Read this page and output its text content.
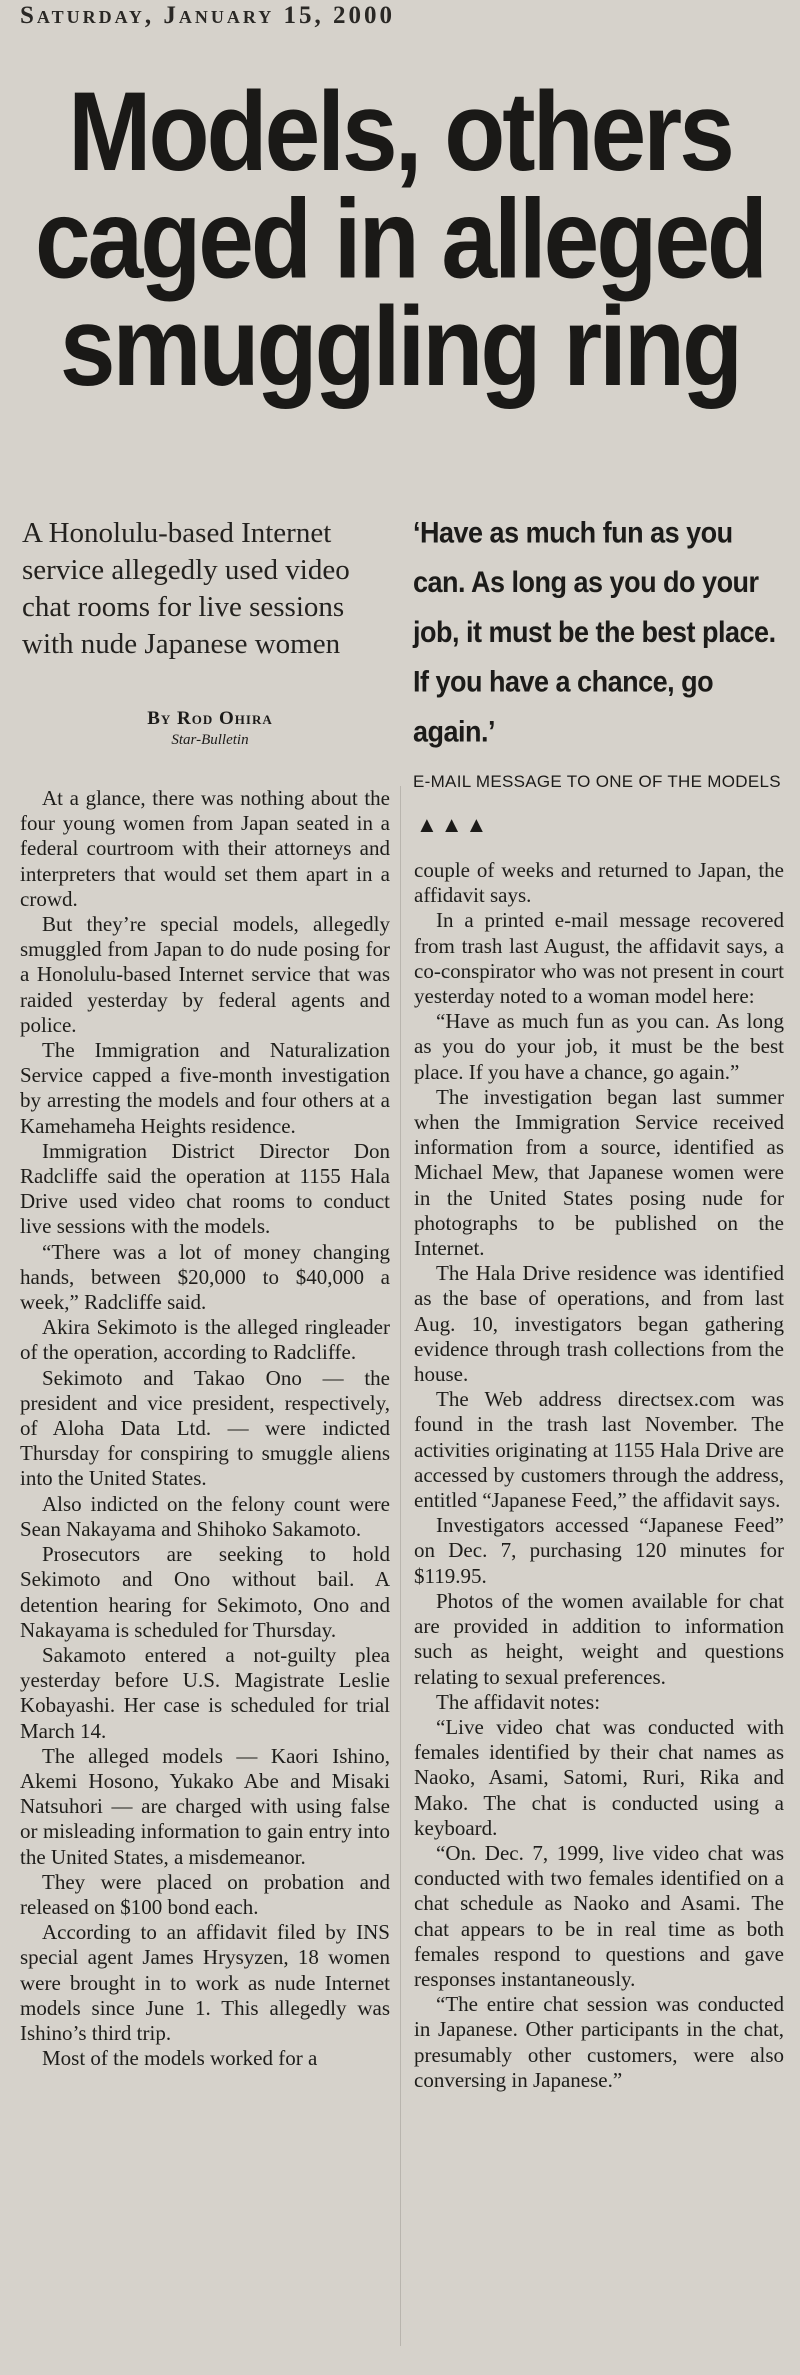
Saturday, January 15, 2000
Models, others
caged in alleged
smuggling ring
A Honolulu-based Internet service allegedly used video chat rooms for live sessions with nude Japanese women
By Rod Ohira
Star-Bulletin
‘Have as much fun as you can. As long as you do your job, it must be the best place. If you have a chance, go again.’
E-MAIL MESSAGE TO ONE OF THE MODELS
▲▲▲

At a glance, there was nothing about the four young women from Japan seated in a federal courtroom with their attorneys and interpreters that would set them apart in a crowd.

But they’re special models, allegedly smuggled from Japan to do nude posing for a Honolulu-based Internet service that was raided yesterday by federal agents and police.

The Immigration and Naturalization Service capped a five-month investigation by arresting the models and four others at a Kamehameha Heights residence.

Immigration District Director Don Radcliffe said the operation at 1155 Hala Drive used video chat rooms to conduct live sessions with the models.

“There was a lot of money changing hands, between $20,000 to $40,000 a week,” Radcliffe said.

Akira Sekimoto is the alleged ringleader of the operation, according to Radcliffe.

Sekimoto and Takao Ono — the president and vice president, respectively, of Aloha Data Ltd. — were indicted Thursday for conspiring to smuggle aliens into the United States.

Also indicted on the felony count were Sean Nakayama and Shihoko Sakamoto.

Prosecutors are seeking to hold Sekimoto and Ono without bail. A detention hearing for Sekimoto, Ono and Nakayama is scheduled for Thursday.

Sakamoto entered a not-guilty plea yesterday before U.S. Magistrate Leslie Kobayashi. Her case is scheduled for trial March 14.

The alleged models — Kaori Ishino, Akemi Hosono, Yukako Abe and Misaki Natsuhori — are charged with using false or misleading information to gain entry into the United States, a misdemeanor.

They were placed on probation and released on $100 bond each.

According to an affidavit filed by INS special agent James Hrysyzen, 18 women were brought in to work as nude Internet models since June 1. This allegedly was Ishino’s third trip.

Most of the models worked for a

couple of weeks and returned to Japan, the affidavit says.

In a printed e-mail message recovered from trash last August, the affidavit says, a co-conspirator who was not present in court yesterday noted to a woman model here:

“Have as much fun as you can. As long as you do your job, it must be the best place. If you have a chance, go again.”

The investigation began last summer when the Immigration Service received information from a source, identified as Michael Mew, that Japanese women were in the United States posing nude for photographs to be published on the Internet.

The Hala Drive residence was identified as the base of operations, and from last Aug. 10, investigators began gathering evidence through trash collections from the house.

The Web address directsex.com was found in the trash last November. The activities originating at 1155 Hala Drive are accessed by customers through the address, entitled “Japanese Feed,” the affidavit says.

Investigators accessed “Japanese Feed” on Dec. 7, purchasing 120 minutes for $119.95.

Photos of the women available for chat are provided in addition to information such as height, weight and questions relating to sexual preferences.

The affidavit notes:

“Live video chat was conducted with females identified by their chat names as Naoko, Asami, Satomi, Ruri, Rika and Mako. The chat is conducted using a keyboard.

“On. Dec. 7, 1999, live video chat was conducted with two females identified on a chat schedule as Naoko and Asami. The chat appears to be in real time as both females respond to questions and gave responses instantaneously.

“The entire chat session was conducted in Japanese. Other participants in the chat, presumably other customers, were also conversing in Japanese.”
